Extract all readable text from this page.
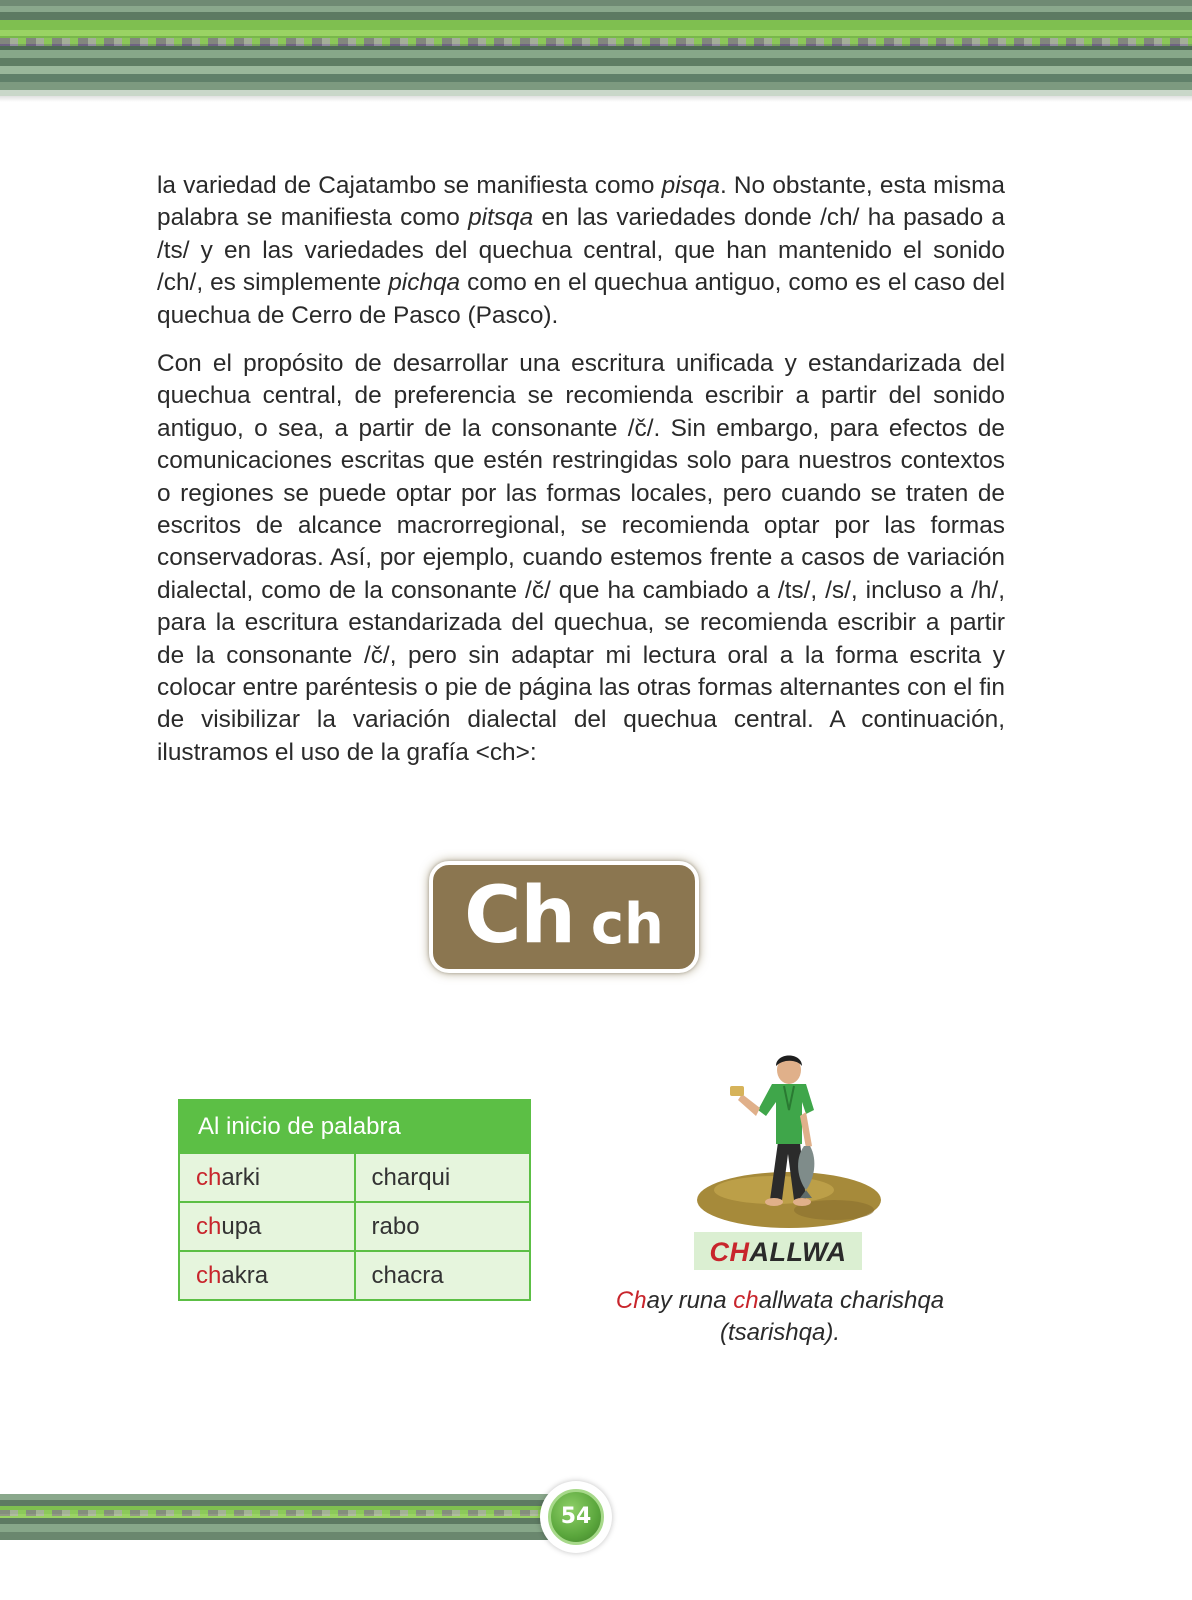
la variedad de Cajatambo se manifiesta como pisqa. No obstante, esta misma palabra se manifiesta como pitsqa en las variedades donde /ch/ ha pasado a /ts/ y en las variedades del quechua central, que han mantenido el sonido /ch/, es simplemente pichqa como en el quechua antiguo, como es el caso del quechua de Cerro de Pasco (Pasco).

Con el propósito de desarrollar una escritura unificada y estandarizada del quechua central, de preferencia se recomienda escribir a partir del sonido antiguo, o sea, a partir de la consonante /č/. Sin embargo, para efectos de comunicaciones escritas que estén restringidas solo para nuestros contextos o regiones se puede optar por las formas locales, pero cuando se traten de escritos de alcance macrorregional, se recomienda optar por las formas conservadoras. Así, por ejemplo, cuando estemos frente a casos de variación dialectal, como de la consonante /č/ que ha cambiado a /ts/, /s/, incluso a /h/, para la escritura estandarizada del quechua, se recomienda escribir a partir de la consonante /č/, pero sin adaptar mi lectura oral a la forma escrita y colocar entre paréntesis o pie de página las otras formas alternantes con el fin de visibilizar la variación dialectal del quechua central. A continuación, ilustramos el uso de la grafía <ch>:

Ch ch
Al inicio de palabra	
charki	charqui
chupa	rabo
chakra	chacra
CHALLWA

Chay runa challwata charishqa
(tsarishqa).

54
